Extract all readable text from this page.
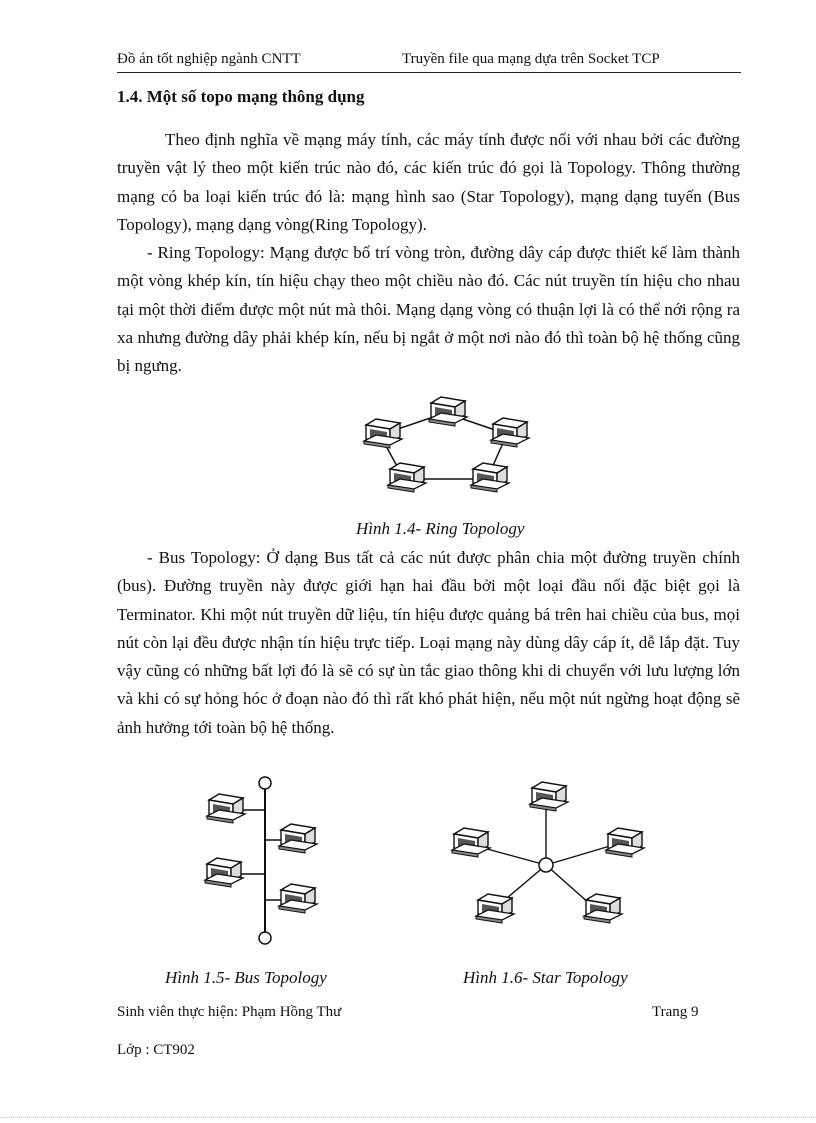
Đồ án tốt nghiệp ngành CNTT	Truyền file qua mạng dựa trên Socket TCP
1.4. Một số topo mạng thông dụng

Theo định nghĩa về mạng máy tính, các máy tính được nối với nhau bởi các đường truyền vật lý theo một kiến trúc nào đó, các kiến trúc đó gọi là Topology. Thông thường mạng có ba loại kiến trúc đó là: mạng hình sao (Star Topology), mạng dạng tuyến (Bus Topology), mạng dạng vòng(Ring Topology).

- Ring Topology: Mạng được bố trí vòng tròn, đường dây cáp được thiết kế làm thành một vòng khép kín, tín hiệu chạy theo một chiều nào đó. Các nút truyền tín hiệu cho nhau tại một thời điểm được một nút mà thôi. Mạng dạng vòng có thuận lợi là có thể nới rộng ra xa nhưng đường dây phải khép kín, nếu bị ngắt ở một nơi nào đó thì toàn bộ hệ thống cũng bị ngưng.

Hình 1.4- Ring Topology

- Bus Topology: Ở dạng Bus tất cả các nút được phân chia một đường truyền chính (bus). Đường truyền này được giới hạn hai đầu bởi một loại đầu nối đặc biệt gọi là Terminator. Khi một nút truyền dữ liệu, tín hiệu được quảng bá trên hai chiều của bus, mọi nút còn lại đều được nhận tín hiệu trực tiếp. Loại mạng này dùng dây cáp ít, dễ lắp đặt. Tuy vậy cũng có những bất lợi đó là sẽ có sự ùn tắc giao thông khi di chuyển với lưu lượng lớn và khi có sự hỏng hóc ở đoạn nào đó thì rất khó phát hiện, nếu một nút ngừng hoạt động sẽ ảnh hưởng tới toàn bộ hệ thống.

Hình 1.5- Bus Topology	Hình 1.6- Star Topology
Sinh viên thực hiện: Phạm Hồng Thư	Trang 9
Lớp : CT902
